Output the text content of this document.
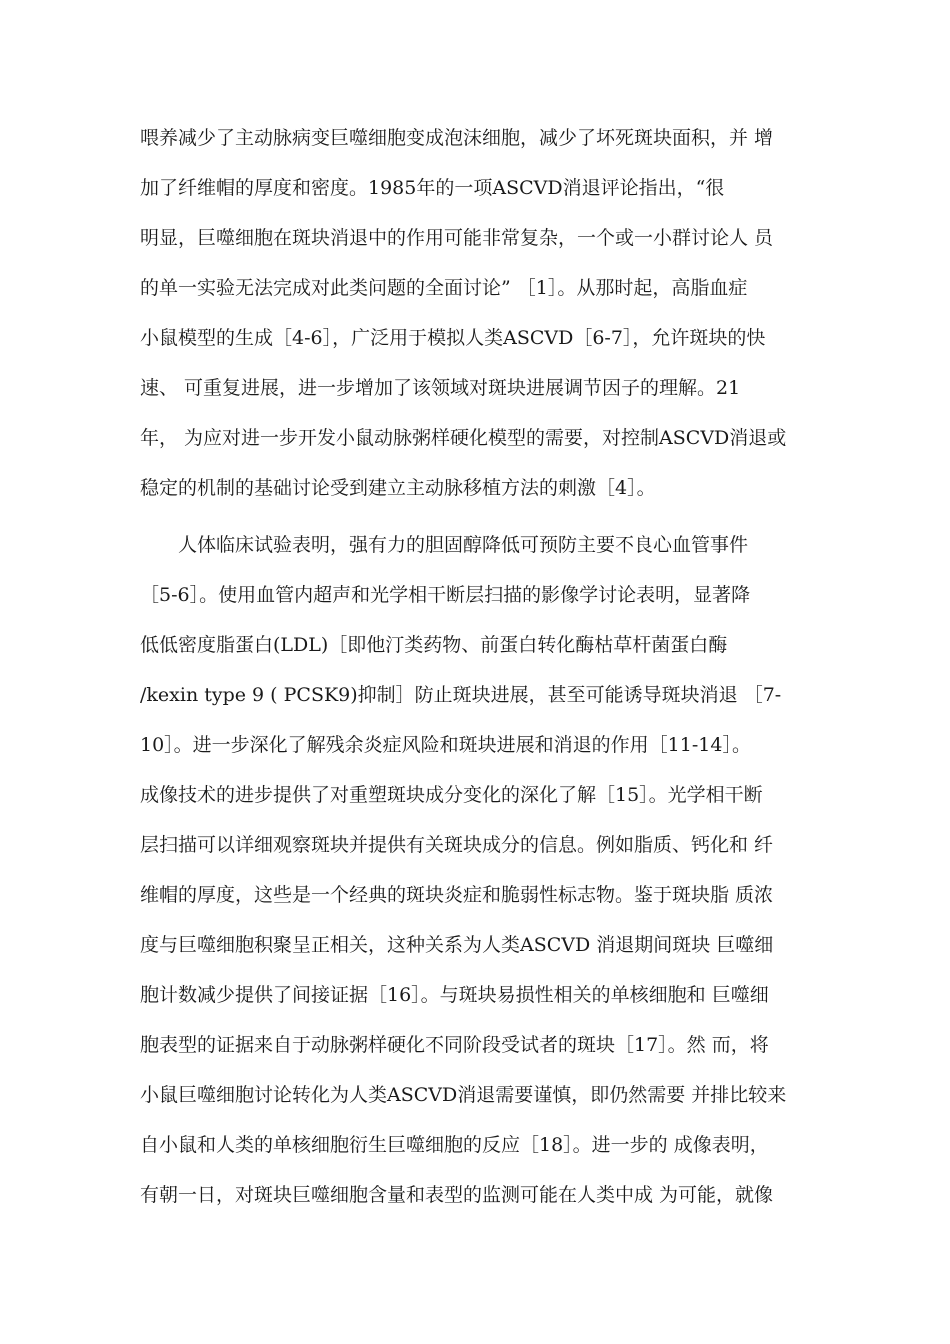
喂养减少了主动脉病变巨噬细胞变成泡沫细胞，减少了坏死斑块面积，并 增
加了纤维帽的厚度和密度。1985年的一项ASCVD消退评论指出，“很
明显，巨噬细胞在斑块消退中的作用可能非常复杂，一个或一小群讨论人 员
的单一实验无法完成对此类问题的全面讨论” ［1］。从那时起，高脂血症
小鼠模型的生成［4-6］，广泛用于模拟人类ASCVD［6-7］，允许斑块的快
速、 可重复进展，进一步增加了该领域对斑块进展调节因子的理解。21
年， 为应对进一步开发小鼠动脉粥样硬化模型的需要，对控制ASCVD消退或
稳定的机制的基础讨论受到建立主动脉移植方法的刺激［4］。
　　人体临床试验表明，强有力的胆固醇降低可预防主要不良心血管事件
［5-6］。使用血管内超声和光学相干断层扫描的影像学讨论表明，显著降
低低密度脂蛋白(LDL)［即他汀类药物、前蛋白转化酶枯草杆菌蛋白酶
/kexin type 9 ( PCSK9)抑制］防止斑块进展，甚至可能诱导斑块消退 ［7-
10］。进一步深化了解残余炎症风险和斑块进展和消退的作用［11-14］。
成像技术的进步提供了对重塑斑块成分变化的深化了解［15］。光学相干断
层扫描可以详细观察斑块并提供有关斑块成分的信息。例如脂质、钙化和 纤
维帽的厚度，这些是一个经典的斑块炎症和脆弱性标志物。鉴于斑块脂 质浓
度与巨噬细胞积聚呈正相关，这种关系为人类ASCVD 消退期间斑块 巨噬细
胞计数减少提供了间接证据［16］。与斑块易损性相关的单核细胞和 巨噬细
胞表型的证据来自于动脉粥样硬化不同阶段受试者的斑块［17］。然 而，将
小鼠巨噬细胞讨论转化为人类ASCVD消退需要谨慎，即仍然需要 并排比较来
自小鼠和人类的单核细胞衍生巨噬细胞的反应［18］。进一步的 成像表明，
有朝一日，对斑块巨噬细胞含量和表型的监测可能在人类中成 为可能，就像
